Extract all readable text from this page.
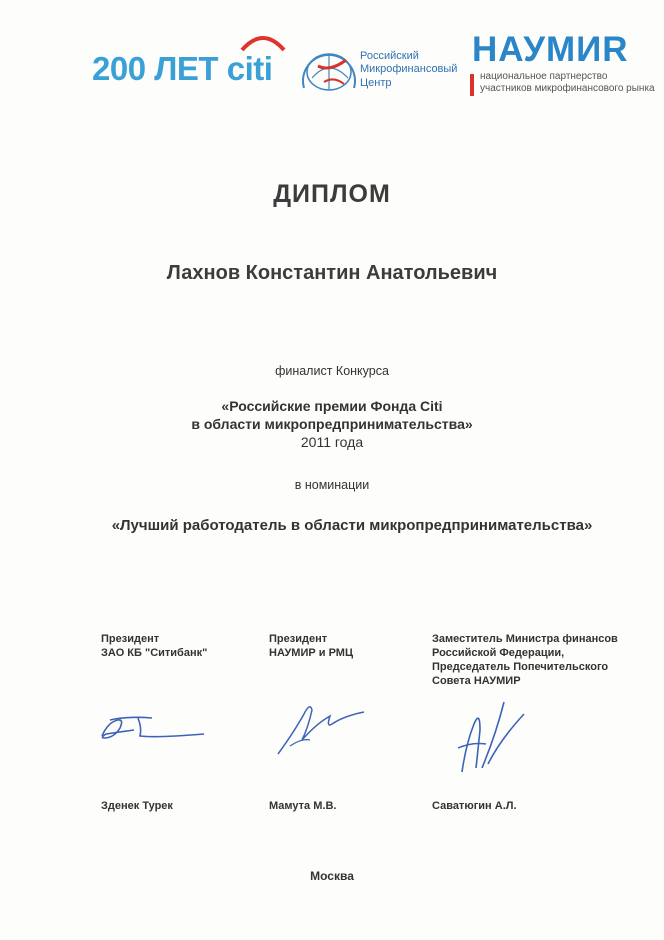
200 ЛЕТ citi	Российский
Микрофинансовый
Центр
НАУМИR
национальное партнерство
участников микрофинансового рынка
ДИПЛОМ
Лахнов Константин Анатольевич
финалист Конкурса
«Российские премии Фонда Citi
в области микропредпринимательства»
2011 года
в номинации
«Лучший работодатель в области микропредпринимательства»
Президент
ЗАО КБ "Ситибанк"
Зденек Турек
Президент
НАУМИР и РМЦ
Мамута М.В.
Заместитель Министра финансов
Российской Федерации,
Председатель Попечительского
Совета НАУМИР
Саватюгин А.Л.
Москва
